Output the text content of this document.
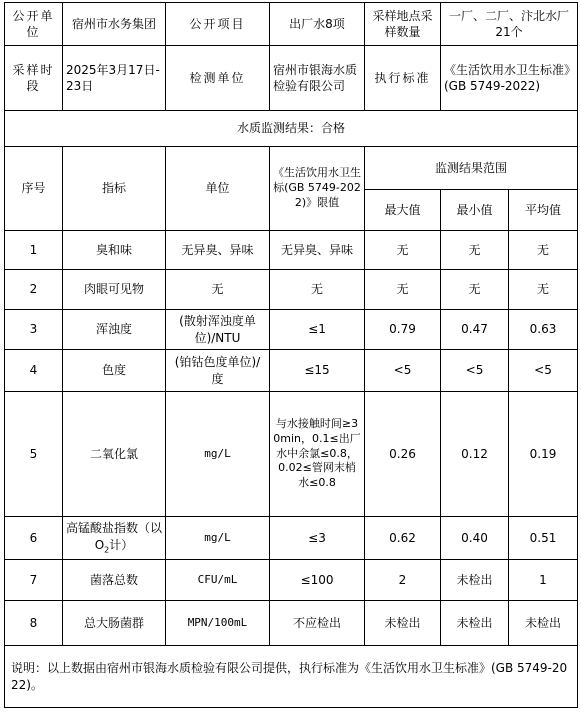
公开单位	宿州市水务集团	公开项目	出厂水8项	采样地点采样数量	一厂、二厂、汴北水厂 21个	
采样时段	2025年3月17日-23日	检测单位	宿州市银海水质检验有限公司	执行标准	《生活饮用水卫生标准》(GB 5749-2022)	
水质监测结果：合格						
序号	指标	单位	《生活饮用水卫生标(GB 5749-2022)》限值	监测结果范围		
				最大值	最小值	平均值
1	臭和味	无异臭、异味	无异臭、异味	无	无	无
2	肉眼可见物	无	无	无	无	无
3	浑浊度	(散射浑浊度单位)/NTU	≤1	0.79	0.47	0.63
4	色度	(铂钴色度单位)/度	≤15	<5	<5	<5
5	二氧化氯	mg/L	与水接触时间≥30min，0.1≤出厂水中余氯≤0.8，0.02≤管网末梢水≤0.8	0.26	0.12	0.19
6	高锰酸盐指数（以$O_2$计）	mg/L	≤3	0.62	0.40	0.51
7	菌落总数	CFU/mL	≤100	2	未检出	1
8	总大肠菌群	MPN/100mL	不应检出	未检出	未检出	未检出
说明：以上数据由宿州市银海水质检验有限公司提供，执行标准为《生活饮用水卫生标准》(GB 5749-2022)。						
